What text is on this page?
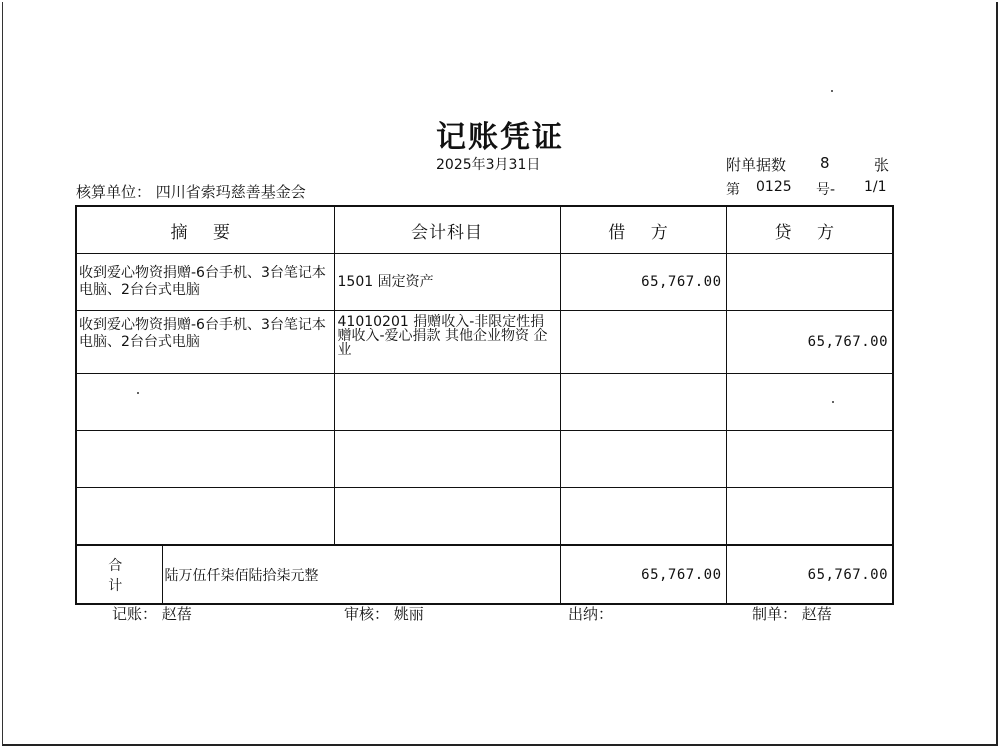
记账凭证
2025年3月31日	附单据数 8	张
核算单位： 四川省索玛慈善基金会	第 0125 号- 1/1
摘 要		会计科目	借 方	贷 方
收到爱心物资捐赠-6台手机、3台笔记本电脑、2台台式电脑		1501 固定资产	65,767.00	
收到爱心物资捐赠-6台手机、3台笔记本电脑、2台台式电脑		41010201 捐赠收入-非限定性捐赠收入-爱心捐款 其他企业物资 企业		65,767.00

合 计	陆万伍仟柒佰陆拾柒元整		65,767.00	65,767.00
记账： 赵蓓	审核： 姚丽	出纳：	制单： 赵蓓
